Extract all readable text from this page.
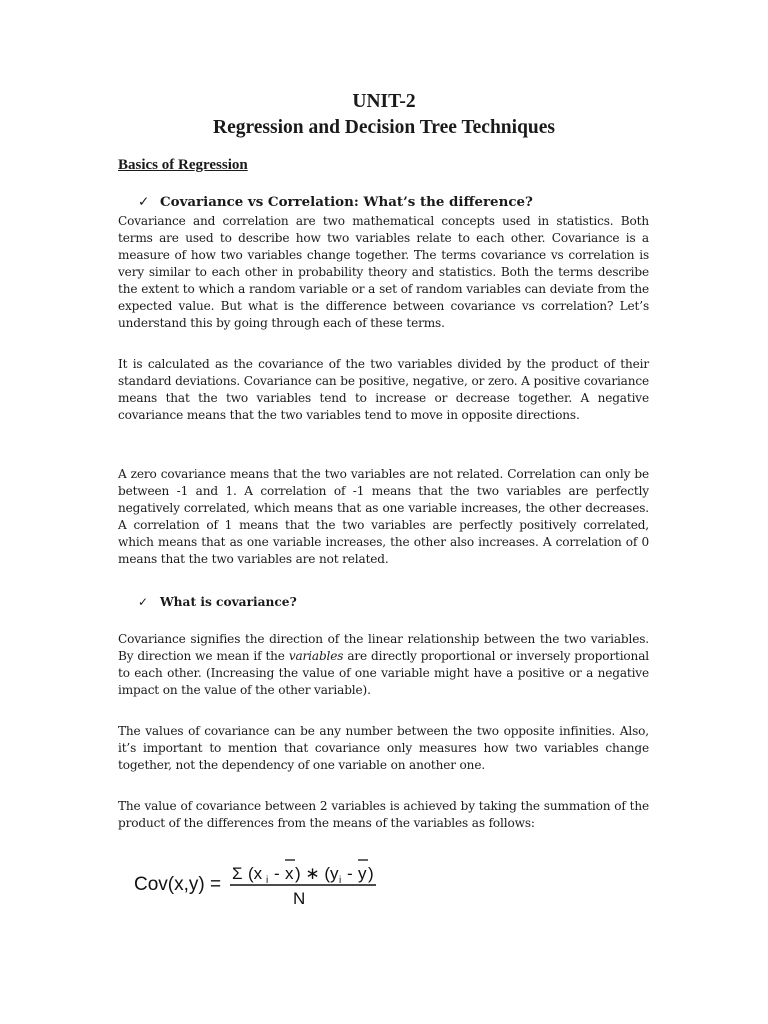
UNIT-2
Regression and Decision Tree Techniques
Basics of Regression
✓ Covariance vs Correlation: What’s the difference?
Covariance and correlation are two mathematical concepts used in statistics. Both terms are used to describe how two variables relate to each other. Covariance is a measure of how two variables change together. The terms covariance vs correlation is very similar to each other in probability theory and statistics. Both the terms describe the extent to which a random variable or a set of random variables can deviate from the expected value. But what is the difference between covariance vs correlation? Let’s understand this by going through each of these terms.
It is calculated as the covariance of the two variables divided by the product of their standard deviations. Covariance can be positive, negative, or zero. A positive covariance means that the two variables tend to increase or decrease together. A negative covariance means that the two variables tend to move in opposite directions.
A zero covariance means that the two variables are not related. Correlation can only be between -1 and 1. A correlation of -1 means that the two variables are perfectly negatively correlated, which means that as one variable increases, the other decreases. A correlation of 1 means that the two variables are perfectly positively correlated, which means that as one variable increases, the other also increases. A correlation of 0 means that the two variables are not related.
✓ What is covariance?
Covariance signifies the direction of the linear relationship between the two variables. By direction we mean if the variables are directly proportional or inversely proportional to each other. (Increasing the value of one variable might have a positive or a negative impact on the value of the other variable).
The values of covariance can be any number between the two opposite infinities. Also, it’s important to mention that covariance only measures how two variables change together, not the dependency of one variable on another one.
The value of covariance between 2 variables is achieved by taking the summation of the product of the differences from the means of the variables as follows:
Cov(x,y) =
Σ (x i - x ) ∗ (y i - y )
N
